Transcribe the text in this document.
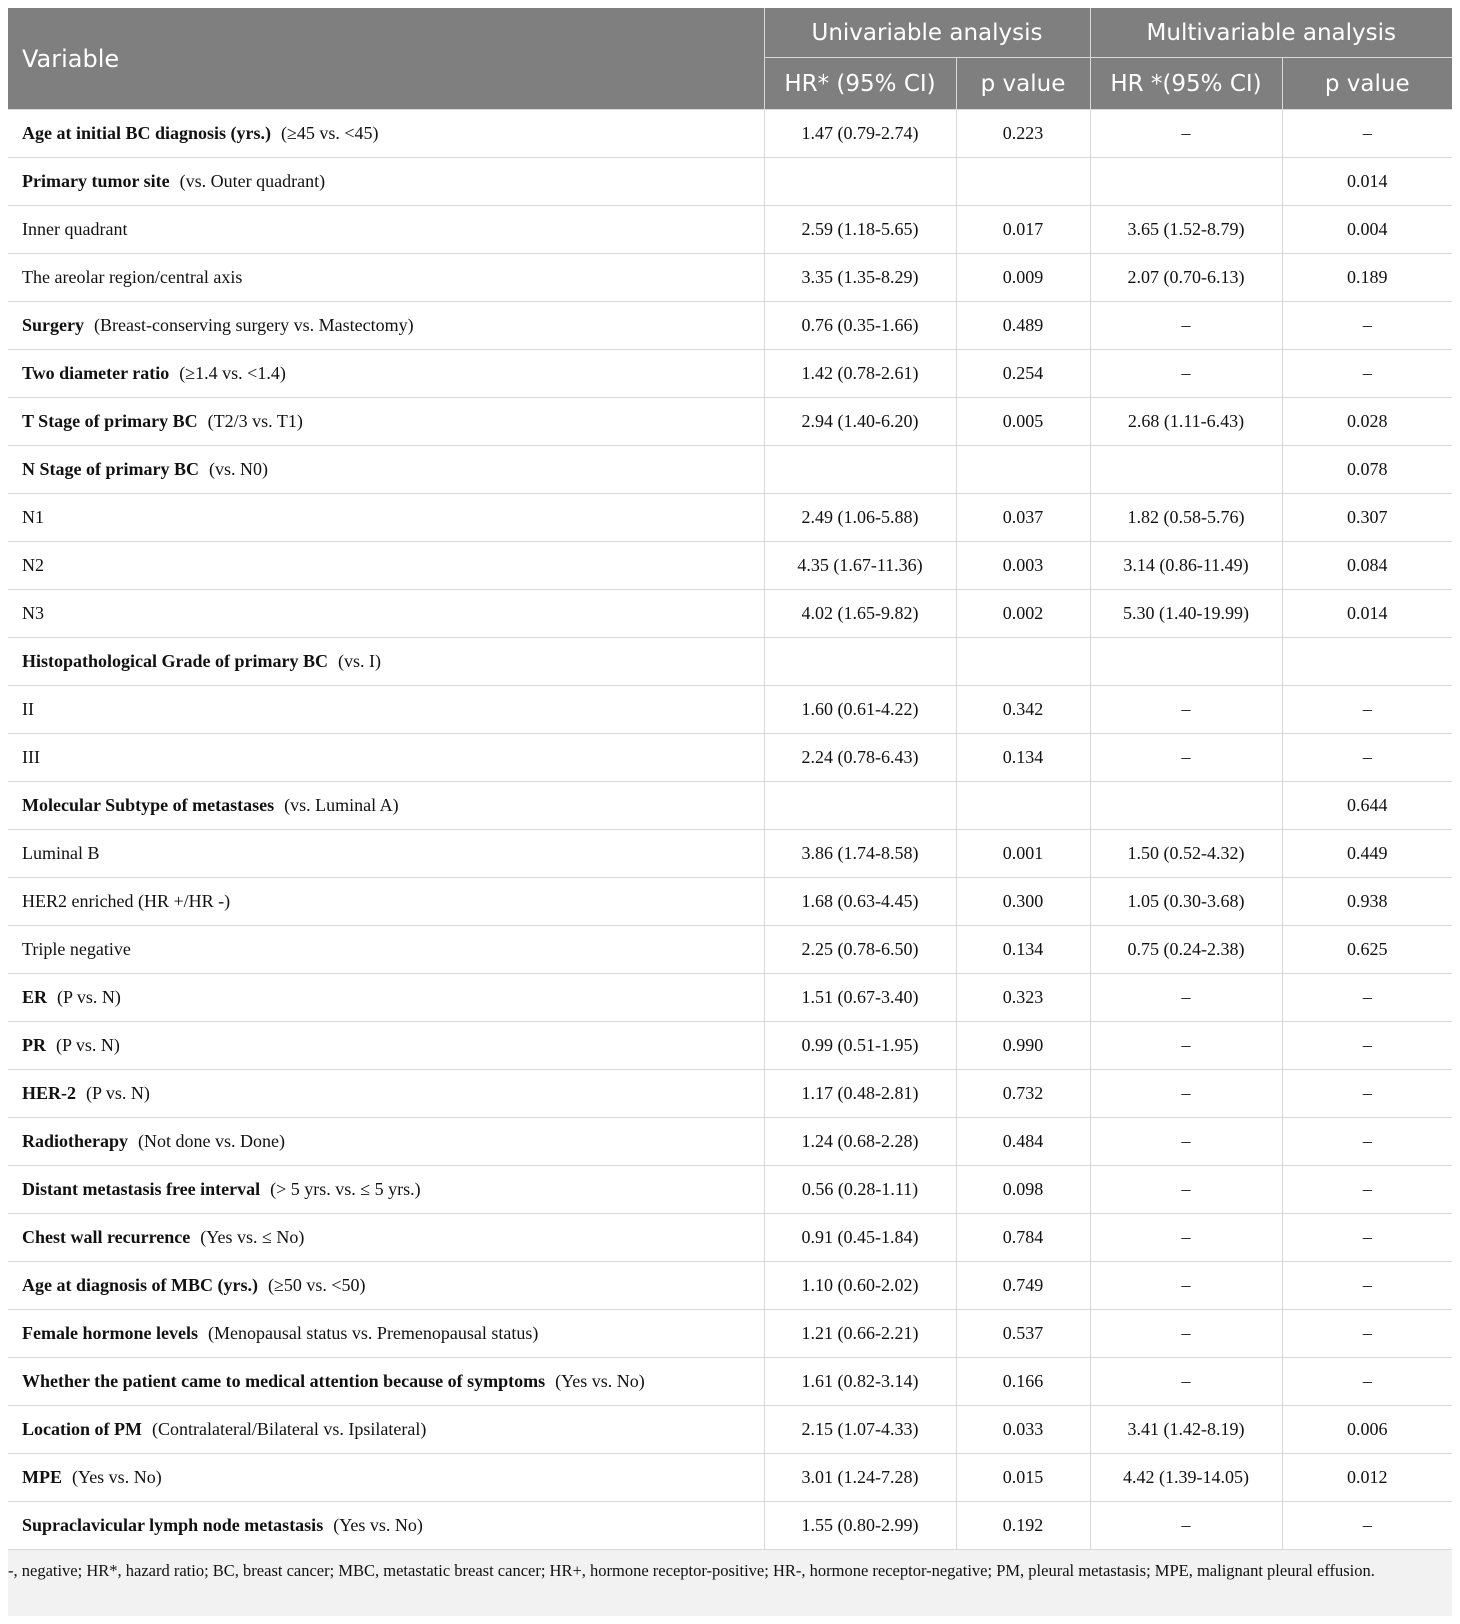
Variable	Univariable analysis		Multivariable analysis	
	HR* (95% CI)	p value	HR *(95% CI)	p value
Age at initial BC diagnosis (yrs.) (≥45 vs. <45)	1.47 (0.79-2.74)	0.223	–	–
Primary tumor site (vs. Outer quadrant)				0.014
Inner quadrant	2.59 (1.18-5.65)	0.017	3.65 (1.52-8.79)	0.004
The areolar region/central axis	3.35 (1.35-8.29)	0.009	2.07 (0.70-6.13)	0.189
Surgery (Breast-conserving surgery vs. Mastectomy)	0.76 (0.35-1.66)	0.489	–	–
Two diameter ratio (≥1.4 vs. <1.4)	1.42 (0.78-2.61)	0.254	–	–
T Stage of primary BC (T2/3 vs. T1)	2.94 (1.40-6.20)	0.005	2.68 (1.11-6.43)	0.028
N Stage of primary BC (vs. N0)				0.078
N1	2.49 (1.06-5.88)	0.037	1.82 (0.58-5.76)	0.307
N2	4.35 (1.67-11.36)	0.003	3.14 (0.86-11.49)	0.084
N3	4.02 (1.65-9.82)	0.002	5.30 (1.40-19.99)	0.014
Histopathological Grade of primary BC (vs. I)				
II	1.60 (0.61-4.22)	0.342	–	–
III	2.24 (0.78-6.43)	0.134	–	–
Molecular Subtype of metastases (vs. Luminal A)				0.644
Luminal B	3.86 (1.74-8.58)	0.001	1.50 (0.52-4.32)	0.449
HER2 enriched (HR +/HR -)	1.68 (0.63-4.45)	0.300	1.05 (0.30-3.68)	0.938
Triple negative	2.25 (0.78-6.50)	0.134	0.75 (0.24-2.38)	0.625
ER (P vs. N)	1.51 (0.67-3.40)	0.323	–	–
PR (P vs. N)	0.99 (0.51-1.95)	0.990	–	–
HER-2 (P vs. N)	1.17 (0.48-2.81)	0.732	–	–
Radiotherapy (Not done vs. Done)	1.24 (0.68-2.28)	0.484	–	–
Distant metastasis free interval (> 5 yrs. vs. ≤ 5 yrs.)	0.56 (0.28-1.11)	0.098	–	–
Chest wall recurrence (Yes vs. ≤ No)	0.91 (0.45-1.84)	0.784	–	–
Age at diagnosis of MBC (yrs.) (≥50 vs. <50)	1.10 (0.60-2.02)	0.749	–	–
Female hormone levels (Menopausal status vs. Premenopausal status)	1.21 (0.66-2.21)	0.537	–	–
Whether the patient came to medical attention because of symptoms (Yes vs. No)	1.61 (0.82-3.14)	0.166	–	–
Location of PM (Contralateral/Bilateral vs. Ipsilateral)	2.15 (1.07-4.33)	0.033	3.41 (1.42-8.19)	0.006
MPE (Yes vs. No)	3.01 (1.24-7.28)	0.015	4.42 (1.39-14.05)	0.012
Supraclavicular lymph node metastasis (Yes vs. No)	1.55 (0.80-2.99)	0.192	–	–
-, negative; HR*, hazard ratio; BC, breast cancer; MBC, metastatic breast cancer; HR+, hormone receptor-positive; HR-, hormone receptor-negative; PM, pleural metastasis; MPE, malignant pleural effusion.
